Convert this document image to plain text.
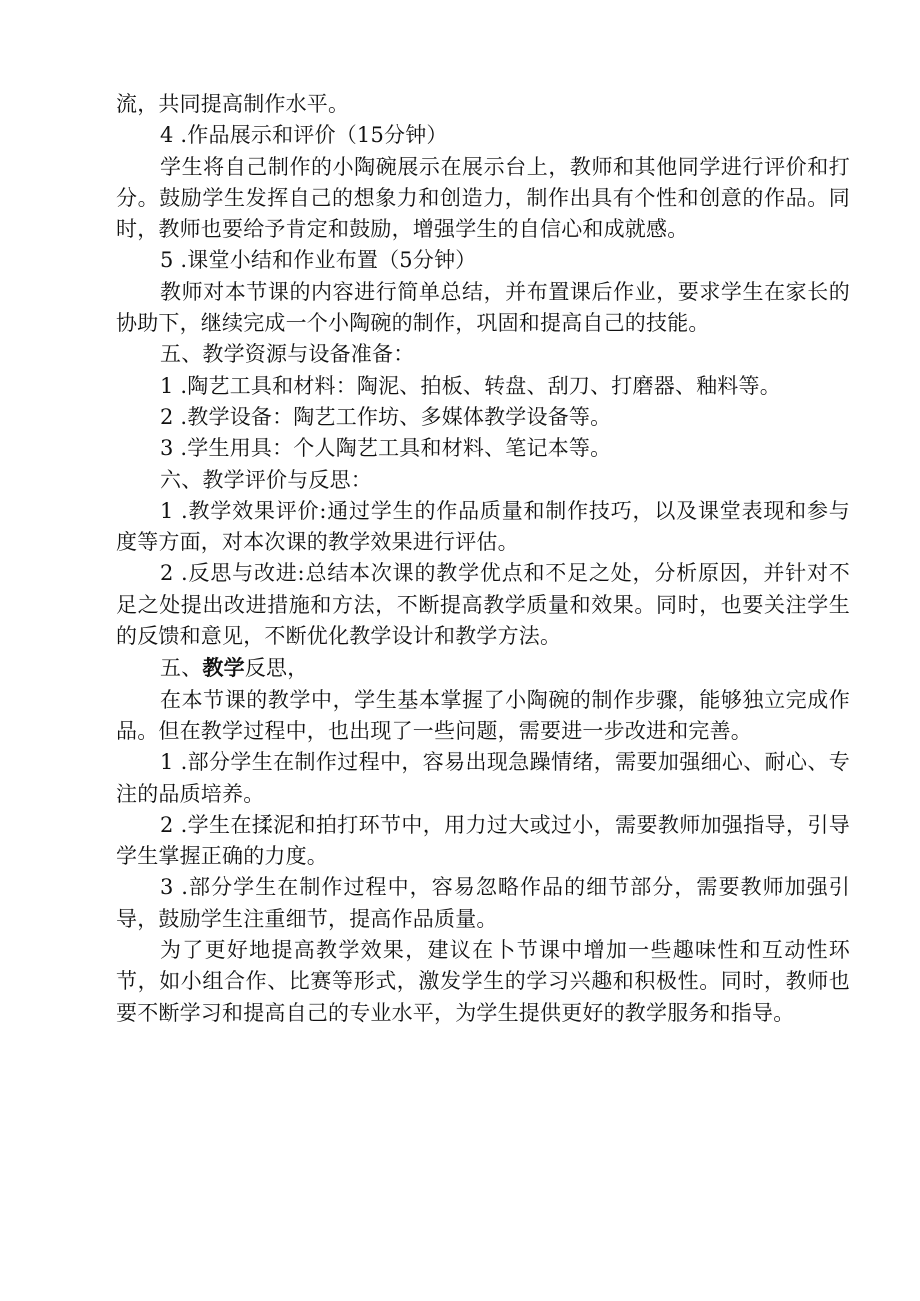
流，共同提高制作水平。

4 .作品展示和评价（15分钟）

学生将自己制作的小陶碗展示在展示台上，教师和其他同学进行评价和打分。鼓励学生发挥自己的想象力和创造力，制作出具有个性和创意的作品。同时，教师也要给予肯定和鼓励，增强学生的自信心和成就感。

5 .课堂小结和作业布置（5分钟）

教师对本节课的内容进行简单总结，并布置课后作业，要求学生在家长的协助下，继续完成一个小陶碗的制作，巩固和提高自己的技能。

五、教学资源与设备准备：

1 .陶艺工具和材料：陶泥、拍板、转盘、刮刀、打磨器、釉料等。

2 .教学设备：陶艺工作坊、多媒体教学设备等。

3 .学生用具：个人陶艺工具和材料、笔记本等。

六、教学评价与反思：

1 .教学效果评价:通过学生的作品质量和制作技巧，以及课堂表现和参与度等方面，对本次课的教学效果进行评估。

2 .反思与改进:总结本次课的教学优点和不足之处，分析原因，并针对不足之处提出改进措施和方法，不断提高教学质量和效果。同时，也要关注学生的反馈和意见，不断优化教学设计和教学方法。

五、教学反思，

在本节课的教学中，学生基本掌握了小陶碗的制作步骤，能够独立完成作品。但在教学过程中，也出现了一些问题，需要进一步改进和完善。

1 .部分学生在制作过程中，容易出现急躁情绪，需要加强细心、耐心、专注的品质培养。

2 .学生在揉泥和拍打环节中，用力过大或过小，需要教师加强指导，引导学生掌握正确的力度。

3 .部分学生在制作过程中，容易忽略作品的细节部分，需要教师加强引导，鼓励学生注重细节，提高作品质量。

为了更好地提高教学效果，建议在卜节课中增加一些趣味性和互动性环节，如小组合作、比赛等形式，激发学生的学习兴趣和积极性。同时，教师也要不断学习和提高自己的专业水平，为学生提供更好的教学服务和指导。
